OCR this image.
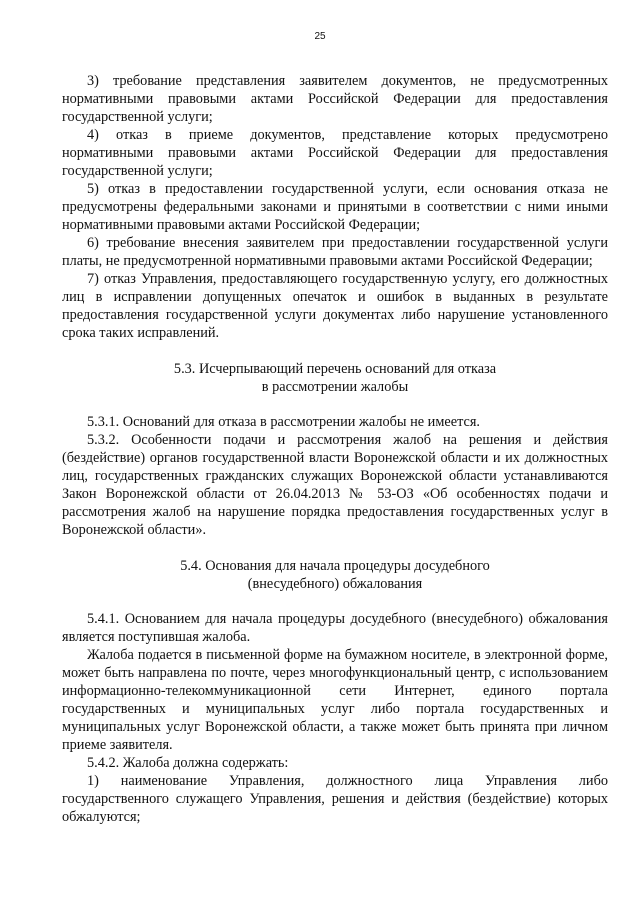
25

3) требование представления заявителем документов, не предусмотренных нормативными правовыми актами Российской Федерации для предоставления государственной услуги;

4) отказ в приеме документов, представление которых предусмотрено нормативными правовыми актами Российской Федерации для предоставления государственной услуги;

5) отказ в предоставлении государственной услуги, если основания отказа не предусмотрены федеральными законами и принятыми в соответствии с ними иными нормативными правовыми актами Российской Федерации;

6) требование внесения заявителем при предоставлении государственной услуги платы, не предусмотренной нормативными правовыми актами Российской Федерации;

7) отказ Управления, предоставляющего государственную услугу, его должностных лиц в исправлении допущенных опечаток и ошибок в выданных в результате предоставления государственной услуги документах либо нарушение установленного срока таких исправлений.

5.3. Исчерпывающий перечень оснований для отказа
в рассмотрении жалобы

5.3.1. Оснований для отказа в рассмотрении жалобы не имеется.

5.3.2. Особенности подачи и рассмотрения жалоб на решения и действия (бездействие) органов государственной власти Воронежской области и их должностных лиц, государственных гражданских служащих Воронежской области устанавливаются Закон Воронежской области от 26.04.2013 № 53-ОЗ «Об особенностях подачи и рассмотрения жалоб на нарушение порядка предоставления государственных услуг в Воронежской области».

5.4. Основания для начала процедуры досудебного
(внесудебного) обжалования

5.4.1. Основанием для начала процедуры досудебного (внесудебного) обжалования является поступившая жалоба.

Жалоба подается в письменной форме на бумажном носителе, в электронной форме, может быть направлена по почте, через многофункциональный центр, с использованием информационно-телекоммуникационной сети Интернет, единого портала государственных и муниципальных услуг либо портала государственных и муниципальных услуг Воронежской области, а также может быть принята при личном приеме заявителя.

5.4.2. Жалоба должна содержать:

1) наименование Управления, должностного лица Управления либо государственного служащего Управления, решения и действия (бездействие) которых обжалуются;
